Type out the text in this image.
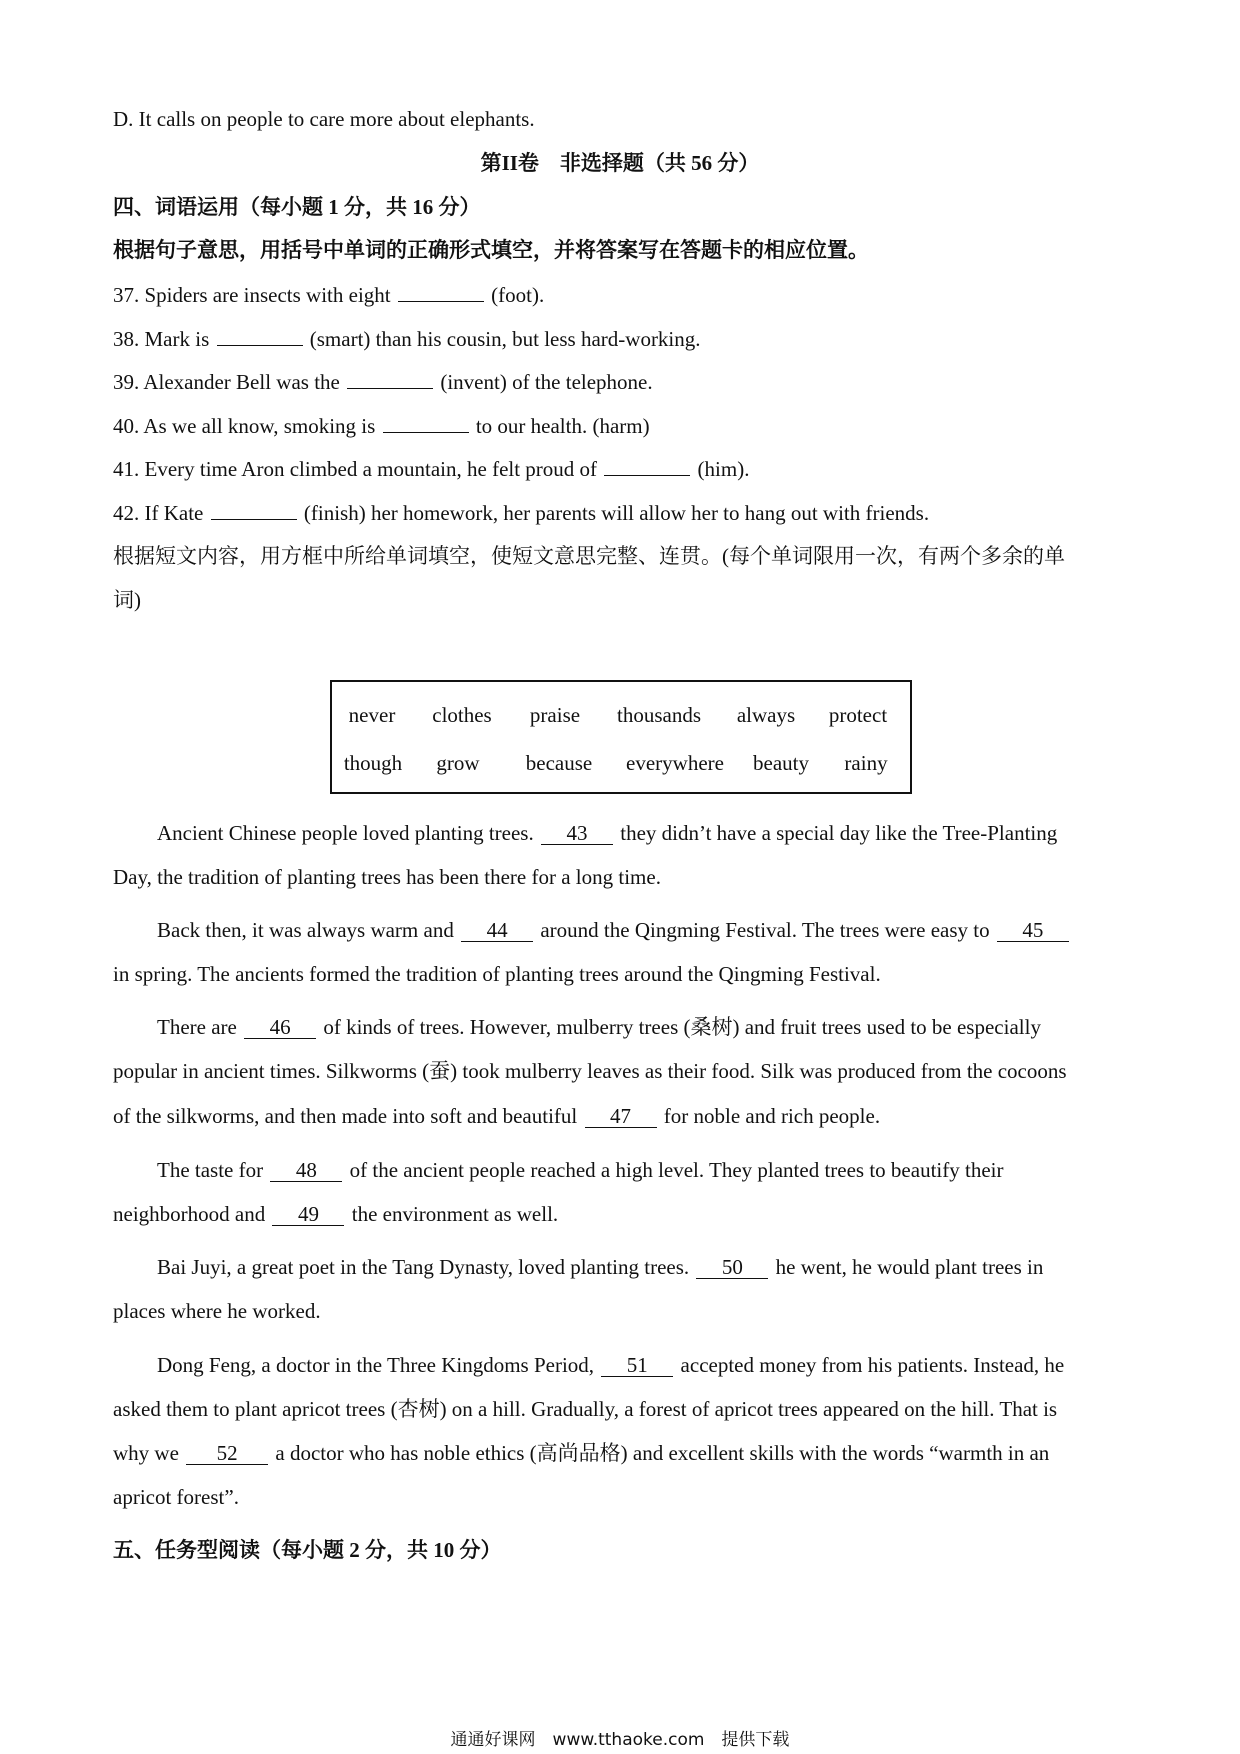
D. It calls on people to care more about elephants.
第II卷　非选择题（共 56 分）
四、词语运用（每小题 1 分，共 16 分）
根据句子意思，用括号中单词的正确形式填空，并将答案写在答题卡的相应位置。
37. Spiders are insects with eight	(foot).
38. Mark is	(smart) than his cousin, but less hard-working.
39. Alexander Bell was the	(invent) of the telephone.
40. As we all know, smoking is	to our health. (harm)
41. Every time Aron climbed a mountain, he felt proud of	(him).
42. If Kate	(finish) her homework, her parents will allow her to hang out with friends.
根据短文内容，用方框中所给单词填空，使短文意思完整、连贯。(每个单词限用一次，有两个多余的单
词)
never	clothes	praise	thousands	always	protect
though	grow	because	everywhere	beauty	rainy
Ancient Chinese people loved planting trees. 43 they didn’t have a special day like the Tree-Planting
Day, the tradition of planting trees has been there for a long time.
Back then, it was always warm and 44 around the Qingming Festival. The trees were easy to 45
in spring. The ancients formed the tradition of planting trees around the Qingming Festival.
There are 46 of kinds of trees. However, mulberry trees (桑树) and fruit trees used to be especially
popular in ancient times. Silkworms (蚕) took mulberry leaves as their food. Silk was produced from the cocoons
of the silkworms, and then made into soft and beautiful 47 for noble and rich people.
The taste for 48 of the ancient people reached a high level. They planted trees to beautify their
neighborhood and 49 the environment as well.
Bai Juyi, a great poet in the Tang Dynasty, loved planting trees. 50 he went, he would plant trees in
places where he worked.
Dong Feng, a doctor in the Three Kingdoms Period, 51 accepted money from his patients. Instead, he
asked them to plant apricot trees (杏树) on a hill. Gradually, a forest of apricot trees appeared on the hill. That is
why we 52 a doctor who has noble ethics (高尚品格) and excellent skills with the words “warmth in an
apricot forest”.
五、任务型阅读（每小题 2 分，共 10 分）
通通好课网　www.tthaoke.com　提供下载
